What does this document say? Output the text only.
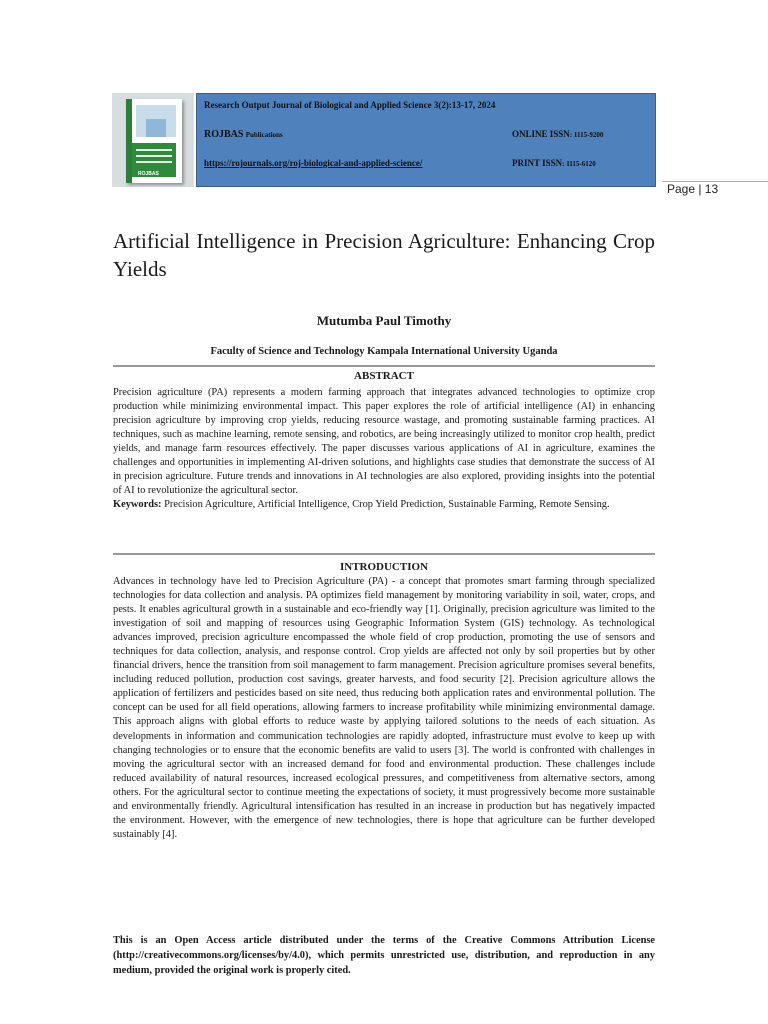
ROJBAS
Research Output Journal of Biological and Applied Science 3(2):13-17, 2024
ROJBAS Publications	ONLINE ISSN: 1115-9200
https://rojournals.org/roj-biological-and-applied-science/	PRINT ISSN: 1115-6120
Page | 13
Artificial Intelligence in Precision Agriculture: Enhancing Crop Yields
Mutumba Paul Timothy
Faculty of Science and Technology Kampala International University Uganda
ABSTRACT
Precision agriculture (PA) represents a modern farming approach that integrates advanced technologies to optimize crop production while minimizing environmental impact. This paper explores the role of artificial intelligence (AI) in enhancing precision agriculture by improving crop yields, reducing resource wastage, and promoting sustainable farming practices. AI techniques, such as machine learning, remote sensing, and robotics, are being increasingly utilized to monitor crop health, predict yields, and manage farm resources effectively. The paper discusses various applications of AI in agriculture, examines the challenges and opportunities in implementing AI-driven solutions, and highlights case studies that demonstrate the success of AI in precision agriculture. Future trends and innovations in AI technologies are also explored, providing insights into the potential of AI to revolutionize the agricultural sector.
Keywords: Precision Agriculture, Artificial Intelligence, Crop Yield Prediction, Sustainable Farming, Remote Sensing.
INTRODUCTION
Advances in technology have led to Precision Agriculture (PA) - a concept that promotes smart farming through specialized technologies for data collection and analysis. PA optimizes field management by monitoring variability in soil, water, crops, and pests. It enables agricultural growth in a sustainable and eco-friendly way [1]. Originally, precision agriculture was limited to the investigation of soil and mapping of resources using Geographic Information System (GIS) technology. As technological advances improved, precision agriculture encompassed the whole field of crop production, promoting the use of sensors and techniques for data collection, analysis, and response control. Crop yields are affected not only by soil properties but by other financial drivers, hence the transition from soil management to farm management. Precision agriculture promises several benefits, including reduced pollution, production cost savings, greater harvests, and food security [2]. Precision agriculture allows the application of fertilizers and pesticides based on site need, thus reducing both application rates and environmental pollution. The concept can be used for all field operations, allowing farmers to increase profitability while minimizing environmental damage. This approach aligns with global efforts to reduce waste by applying tailored solutions to the needs of each situation. As developments in information and communication technologies are rapidly adopted, infrastructure must evolve to keep up with changing technologies or to ensure that the economic benefits are valid to users [3]. The world is confronted with challenges in moving the agricultural sector with an increased demand for food and environmental production. These challenges include reduced availability of natural resources, increased ecological pressures, and competitiveness from alternative sectors, among others. For the agricultural sector to continue meeting the expectations of society, it must progressively become more sustainable and environmentally friendly. Agricultural intensification has resulted in an increase in production but has negatively impacted the environment. However, with the emergence of new technologies, there is hope that agriculture can be further developed sustainably [4].
This is an Open Access article distributed under the terms of the Creative Commons Attribution License (http://creativecommons.org/licenses/by/4.0), which permits unrestricted use, distribution, and reproduction in any medium, provided the original work is properly cited.
